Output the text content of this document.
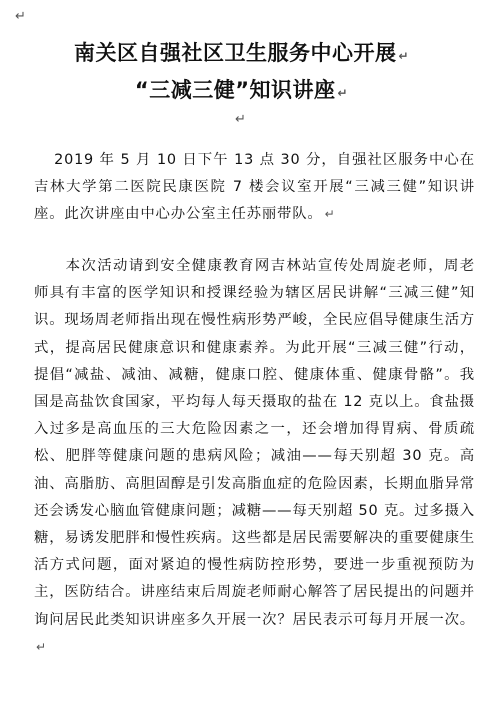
↵
南关区自强社区卫生服务中心开展 ↵
“三减三健”知识讲座 ↵
↵
2019 年 5 月 10 日下午 13 点 30 分，自强社区服务中心在吉林大学第二医院民康医院 7 楼会议室开展“三减三健”知识讲座。此次讲座由中心办公室主任苏丽带队。 ↵
本次活动请到安全健康教育网吉林站宣传处周旋老师，周老师具有丰富的医学知识和授课经验为辖区居民讲解“三减三健”知识。现场周老师指出现在慢性病形势严峻，全民应倡导健康生活方式，提高居民健康意识和健康素养。为此开展“三减三健”行动，提倡“减盐、减油、减糖，健康口腔、健康体重、健康骨骼”。我国是高盐饮食国家，平均每人每天摄取的盐在 12 克以上。食盐摄入过多是高血压的三大危险因素之一，还会增加得胃病、骨质疏松、肥胖等健康问题的患病风险；减油——每天别超 30 克。高油、高脂肪、高胆固醇是引发高脂血症的危险因素，长期血脂异常还会诱发心脑血管健康问题；减糖——每天别超 50 克。过多摄入糖，易诱发肥胖和慢性疾病。这些都是居民需要解决的重要健康生活方式问题，面对紧迫的慢性病防控形势，要进一步重视预防为主，医防结合。讲座结束后周旋老师耐心解答了居民提出的问题并询问居民此类知识讲座多久开展一次？居民表示可每月开展一次。↵
